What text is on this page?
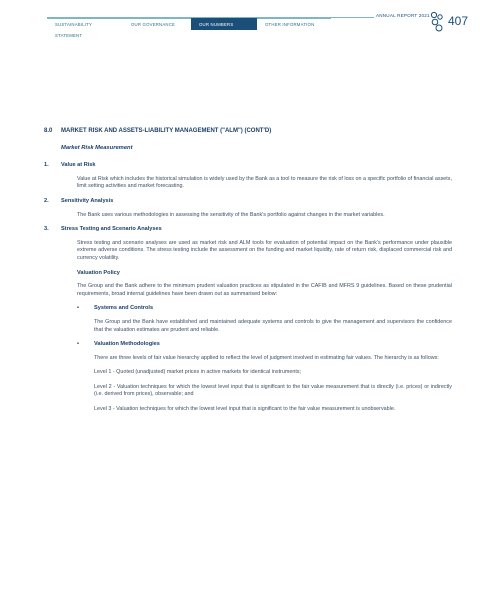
SUSTAINABILITY STATEMENT
OUR GOVERNANCE	OUR NUMBERS	OTHER INFORMATION
ANNUAL REPORT 2021 407
8.0	MARKET RISK AND ASSETS-LIABILITY MANAGEMENT ("ALM") (CONT'D)
Market Risk Measurement
1.	Value at Risk
Value at Risk which includes the historical simulation is widely used by the Bank as a tool to measure the risk of loss on a specific portfolio of financial assets, limit setting activities and market forecasting.
2.	Sensitivity Analysis
The Bank uses various methodologies in assessing the sensitivity of the Bank's portfolio against changes in the market variables.
3.	Stress Testing and Scenario Analyses
Stress testing and scenario analyses are used as market risk and ALM tools for evaluation of potential impact on the Bank's performance under plausible extreme adverse conditions. The stress testing include the assessment on the funding and market liquidity, rate of return risk, displaced commercial risk and currency volatility.
Valuation Policy
The Group and the Bank adhere to the minimum prudent valuation practices as stipulated in the CAFIB and MFRS 9 guidelines. Based on these prudential requirements, broad internal guidelines have been drawn out as summarised below:
•	Systems and Controls
The Group and the Bank have established and maintained adequate systems and controls to give the management and supervisors the confidence that the valuation estimates are prudent and reliable.
•	Valuation Methodologies
There are three levels of fair value hierarchy applied to reflect the level of judgment involved in estimating fair values. The hierarchy is as follows:
Level 1 - Quoted (unadjusted) market prices in active markets for identical instruments;
Level 2 - Valuation techniques for which the lowest level input that is significant to the fair value measurement that is directly (i.e. prices) or indirectly (i.e. derived from prices), observable; and
Level 3 - Valuation techniques for which the lowest level input that is significant to the fair value measurement is unobservable.
